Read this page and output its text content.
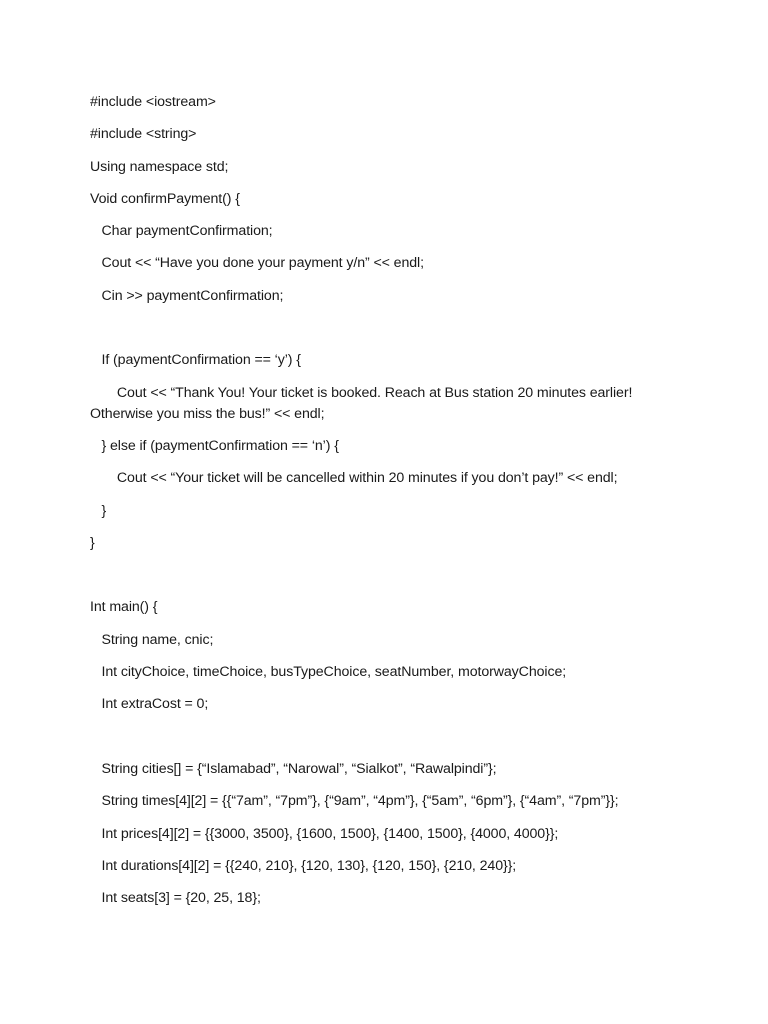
#include <iostream>

#include <string>

Using namespace std;

Void confirmPayment() {

Char paymentConfirmation;

Cout << “Have you done your payment y/n” << endl;

Cin >> paymentConfirmation;

If (paymentConfirmation == ‘y’) {

Cout << “Thank You! Your ticket is booked. Reach at Bus station 20 minutes earlier! Otherwise you miss the bus!” << endl;

} else if (paymentConfirmation == ‘n’) {

Cout << “Your ticket will be cancelled within 20 minutes if you don’t pay!” << endl;

}

}

Int main() {

String name, cnic;

Int cityChoice, timeChoice, busTypeChoice, seatNumber, motorwayChoice;

Int extraCost = 0;

String cities[] = {“Islamabad”, “Narowal”, “Sialkot”, “Rawalpindi”};

String times[4][2] = {{“7am”, “7pm”}, {“9am”, “4pm”}, {“5am”, “6pm”}, {“4am”, “7pm”}};

Int prices[4][2] = {{3000, 3500}, {1600, 1500}, {1400, 1500}, {4000, 4000}};

Int durations[4][2] = {{240, 210}, {120, 130}, {120, 150}, {210, 240}};

Int seats[3] = {20, 25, 18};
